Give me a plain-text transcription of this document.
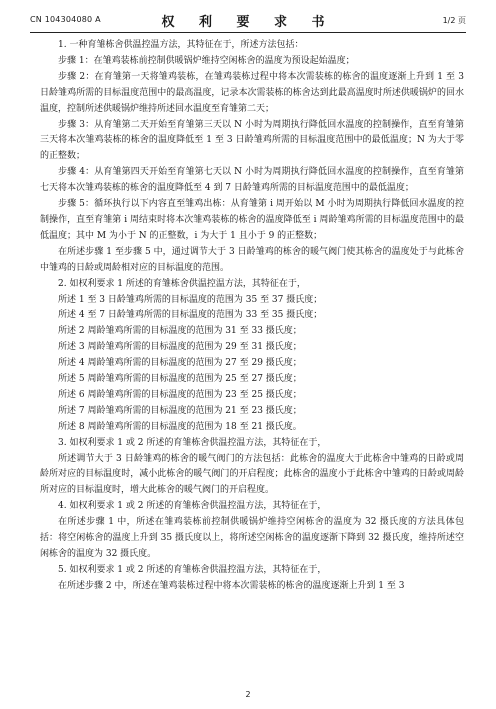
CN 104304080 A	权 利 要 求 书	1/2 页

1. 一种育雏栋舍供温控温方法，其特征在于，所述方法包括：

步骤 1：在雏鸡装栋前控制供暖锅炉维持空闲栋舍的温度为预设起始温度；

步骤 2：在育雏第一天将雏鸡装栋，在雏鸡装栋过程中将本次需装栋的栋舍的温度逐渐上升到 1 至 3 日龄雏鸡所需的目标温度范围中的最高温度，记录本次需装栋的栋舍达到此最高温度时所述供暖锅炉的回水温度，控制所述供暖锅炉维持所述回水温度至育雏第二天；

步骤 3：从育雏第二天开始至育雏第三天以 N 小时为周期执行降低回水温度的控制操作，直至育雏第三天将本次雏鸡装栋的栋舍的温度降低至 1 至 3 日龄雏鸡所需的目标温度范围中的最低温度；N 为大于零的正整数；

步骤 4：从育雏第四天开始至育雏第七天以 N 小时为周期执行降低回水温度的控制操作，直至育雏第七天将本次雏鸡装栋的栋舍的温度降低至 4 到 7 日龄雏鸡所需的目标温度范围中的最低温度；

步骤 5：循环执行以下内容直至雏鸡出栋：从育雏第 i 周开始以 M 小时为周期执行降低回水温度的控制操作，直至育雏第 i 周结束时将本次雏鸡装栋的栋舍的温度降低至 i 周龄雏鸡所需的目标温度范围中的最低温度；其中 M 为小于 N 的正整数，i 为大于 1 且小于 9 的正整数；

在所述步骤 1 至步骤 5 中，通过调节大于 3 日龄雏鸡的栋舍的暖气阀门使其栋舍的温度处于与此栋舍中雏鸡的日龄或周龄相对应的目标温度的范围。

2. 如权利要求 1 所述的育雏栋舍供温控温方法，其特征在于，

所述 1 至 3 日龄雏鸡所需的目标温度的范围为 35 至 37 摄氏度；

所述 4 至 7 日龄雏鸡所需的目标温度的范围为 33 至 35 摄氏度；

所述 2 周龄雏鸡所需的目标温度的范围为 31 至 33 摄氏度；

所述 3 周龄雏鸡所需的目标温度的范围为 29 至 31 摄氏度；

所述 4 周龄雏鸡所需的目标温度的范围为 27 至 29 摄氏度；

所述 5 周龄雏鸡所需的目标温度的范围为 25 至 27 摄氏度；

所述 6 周龄雏鸡所需的目标温度的范围为 23 至 25 摄氏度；

所述 7 周龄雏鸡所需的目标温度的范围为 21 至 23 摄氏度；

所述 8 周龄雏鸡所需的目标温度的范围为 18 至 21 摄氏度。

3. 如权利要求 1 或 2 所述的育雏栋舍供温控温方法，其特征在于，

所述调节大于 3 日龄雏鸡的栋舍的暖气阀门的方法包括：此栋舍的温度大于此栋舍中雏鸡的日龄或周龄所对应的目标温度时，减小此栋舍的暖气阀门的开启程度；此栋舍的温度小于此栋舍中雏鸡的日龄或周龄所对应的目标温度时，增大此栋舍的暖气阀门的开启程度。

4. 如权利要求 1 或 2 所述的育雏栋舍供温控温方法，其特征在于，

在所述步骤 1 中，所述在雏鸡装栋前控制供暖锅炉维持空闲栋舍的温度为 32 摄氏度的方法具体包括：将空闲栋舍的温度上升到 35 摄氏度以上，将所述空闲栋舍的温度逐渐下降到 32 摄氏度，维持所述空闲栋舍的温度为 32 摄氏度。

5. 如权利要求 1 或 2 所述的育雏栋舍供温控温方法，其特征在于，

在所述步骤 2 中，所述在雏鸡装栋过程中将本次需装栋的栋舍的温度逐渐上升到 1 至 3

2
